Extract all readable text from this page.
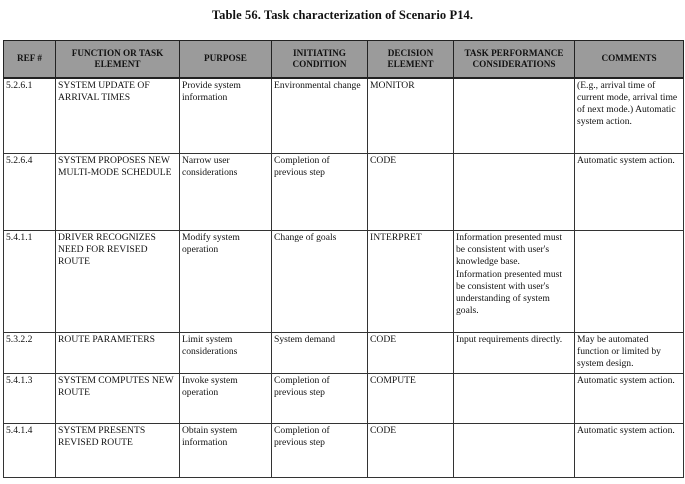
Table 56. Task characterization of Scenario P14.
REF #	FUNCTION OR TASK ELEMENT	PURPOSE	INITIATING CONDITION	DECISION ELEMENT	TASK PERFORMANCE CONSIDERATIONS	COMMENTS
5.2.6.1	SYSTEM UPDATE OF ARRIVAL TIMES	Provide system information	Environmental change	MONITOR		(E.g., arrival time of current mode, arrival time of next mode.) Automatic system action.
5.2.6.4	SYSTEM PROPOSES NEW MULTI-MODE SCHEDULE	Narrow user considerations	Completion of previous step	CODE		Automatic system action.
5.4.1.1	DRIVER RECOGNIZES NEED FOR REVISED ROUTE	Modify system operation	Change of goals	INTERPRET	Information presented must be consistent with user's knowledge base.
Information presented must be consistent with user's understanding of system goals.	

5.3.2.2	ROUTE PARAMETERS	Limit system considerations	System demand	CODE	Input requirements directly.	May be automated function or limited by system design.
5.4.1.3	SYSTEM COMPUTES NEW ROUTE	Invoke system operation	Completion of previous step	COMPUTE		Automatic system action.
5.4.1.4	SYSTEM PRESENTS REVISED ROUTE	Obtain system information	Completion of previous step	CODE		Automatic system action.
